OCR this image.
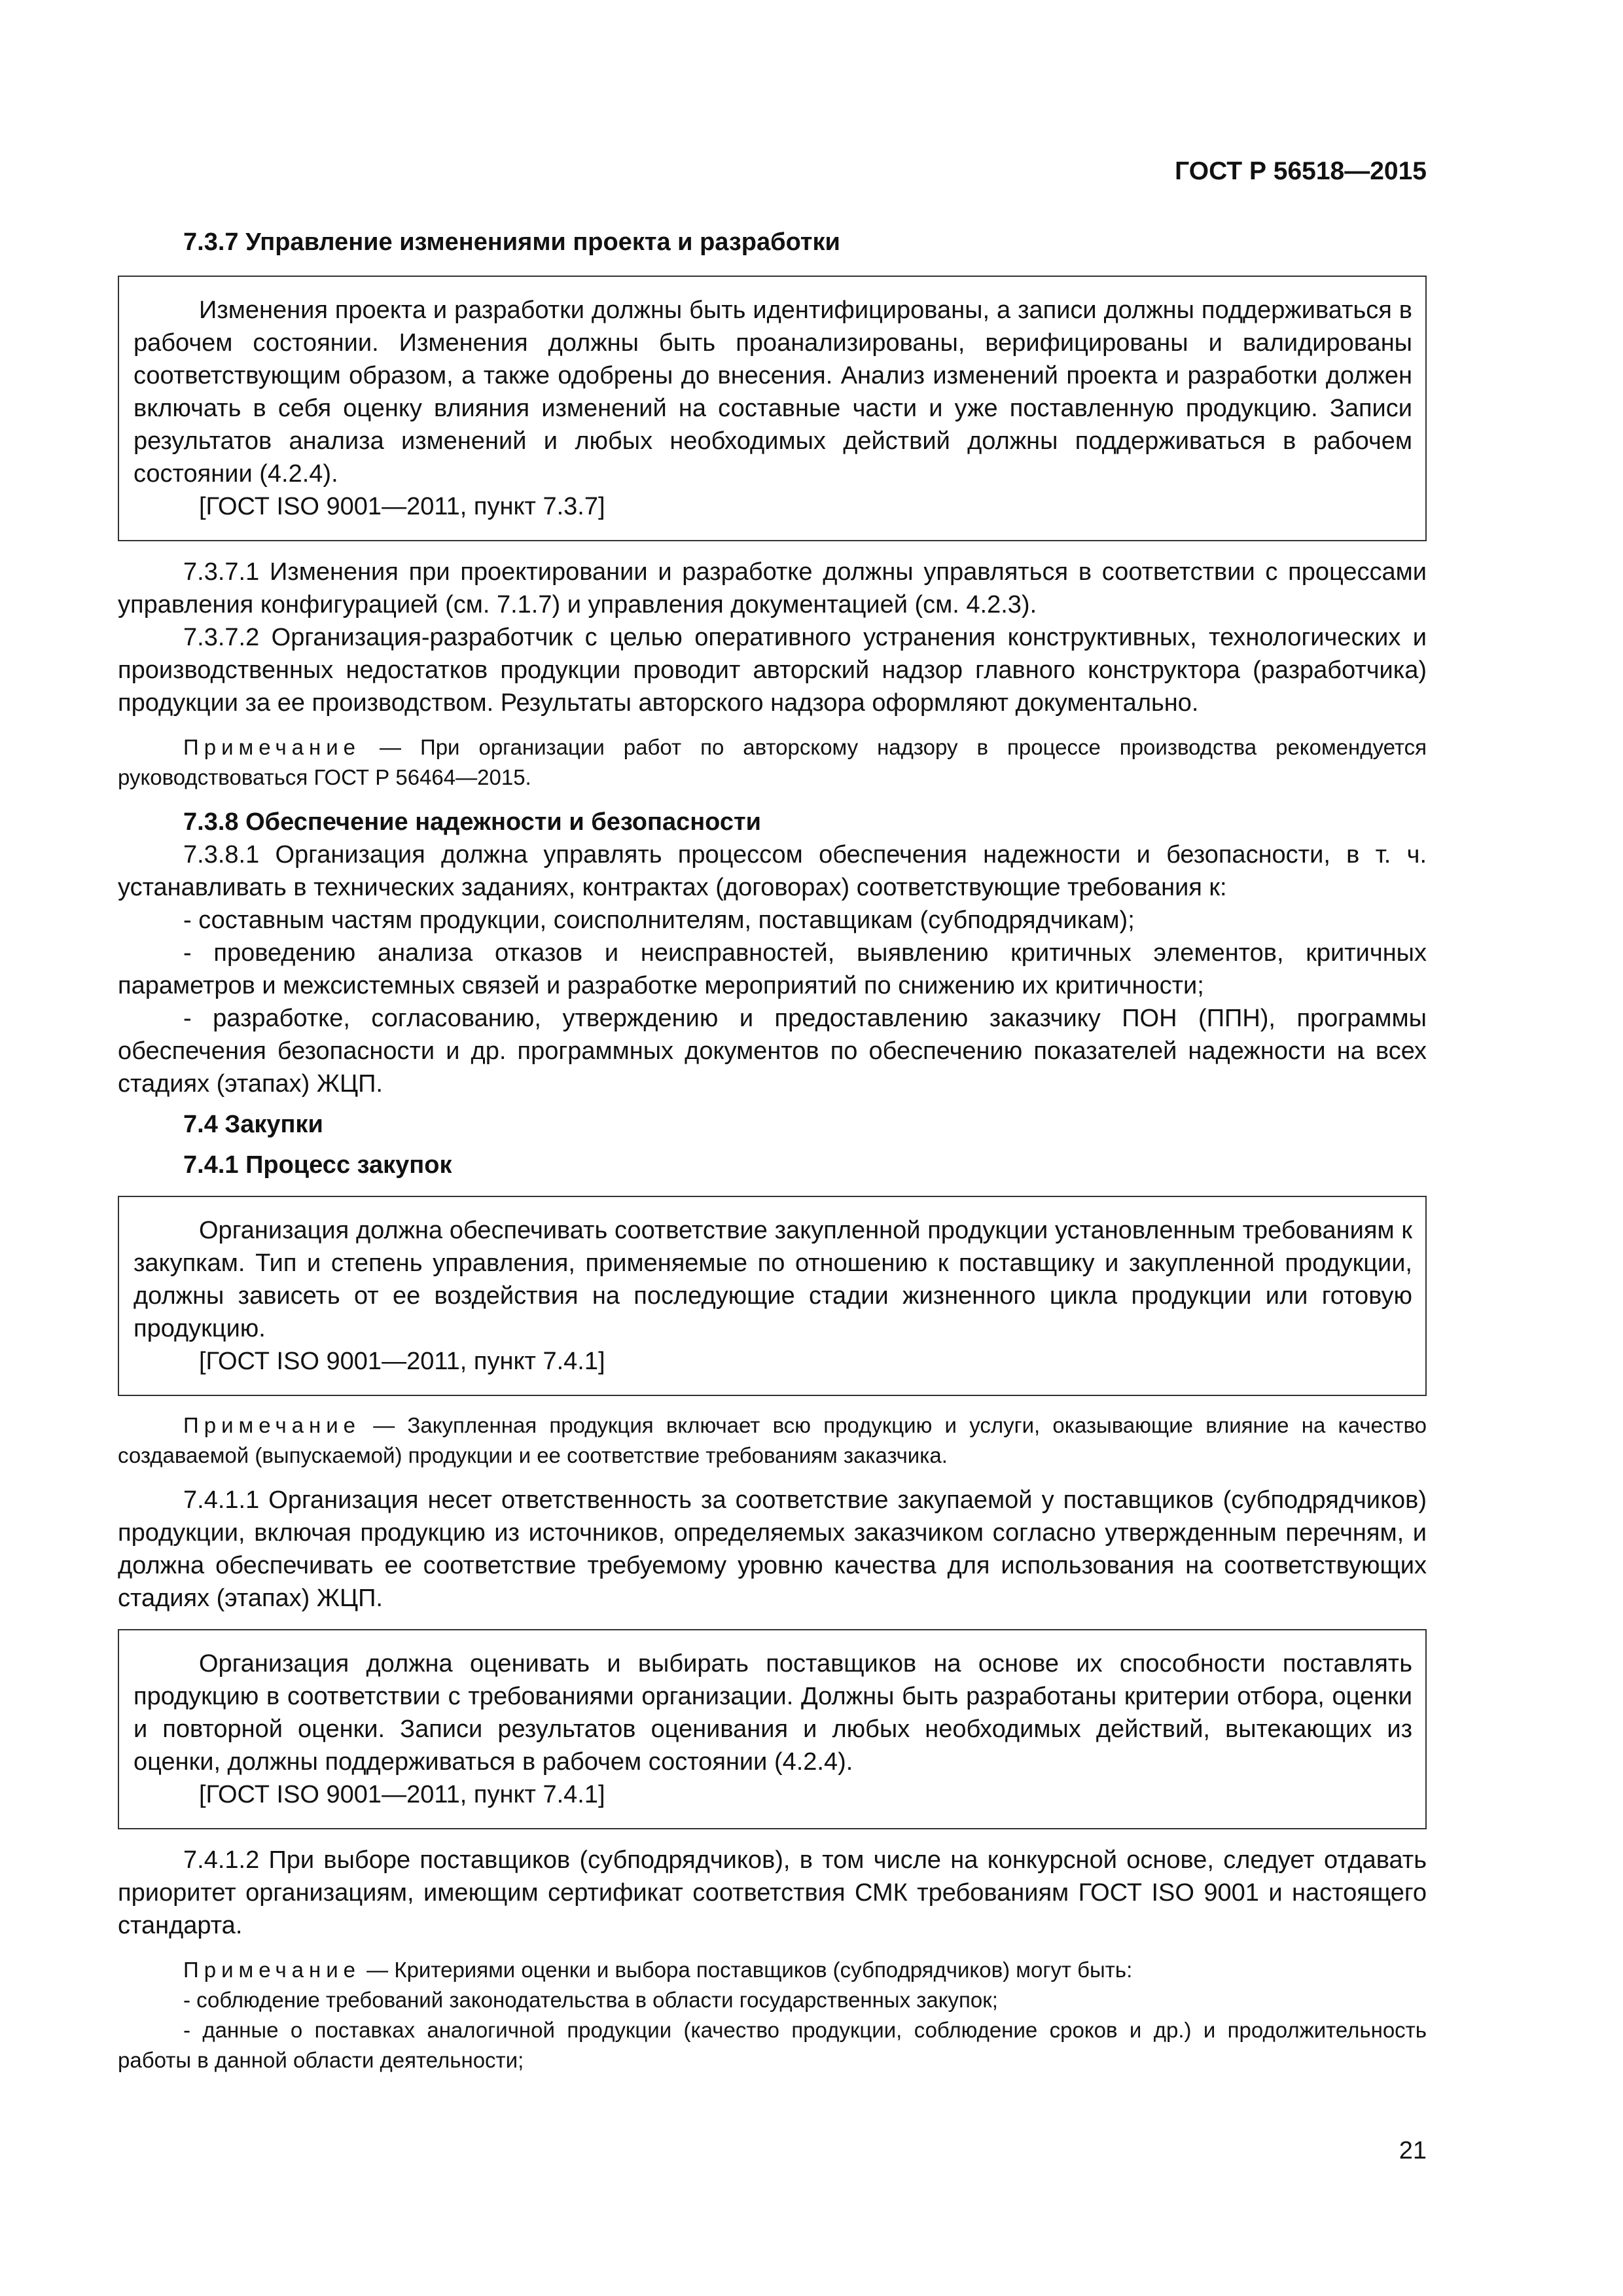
ГОСТ Р 56518—2015
7.3.7 Управление изменениями проекта и разработки

Изменения проекта и разработки должны быть идентифицированы, а записи должны поддерживаться в рабочем состоянии. Изменения должны быть проанализированы, верифицированы и валидированы соответствующим образом, а также одобрены до внесения. Анализ изменений проекта и разработки должен включать в себя оценку влияния изменений на составные части и уже поставленную продукцию. Записи результатов анализа изменений и любых необходимых действий должны поддерживаться в рабочем состоянии (4.2.4).

[ГОСТ ISO 9001—2011, пункт 7.3.7]

7.3.7.1 Изменения при проектировании и разработке должны управляться в соответствии с процессами управления конфигурацией (см. 7.1.7) и управления документацией (см. 4.2.3).

7.3.7.2 Организация-разработчик с целью оперативного устранения конструктивных, технологических и производственных недостатков продукции проводит авторский надзор главного конструктора (разработчика) продукции за ее производством. Результаты авторского надзора оформляют документально.

Примечание — При организации работ по авторскому надзору в процессе производства рекомендуется руководствоваться ГОСТ Р 56464—2015.

7.3.8 Обеспечение надежности и безопасности

7.3.8.1 Организация должна управлять процессом обеспечения надежности и безопасности, в т. ч. устанавливать в технических заданиях, контрактах (договорах) соответствующие требования к:

- составным частям продукции, соисполнителям, поставщикам (субподрядчикам);

- проведению анализа отказов и неисправностей, выявлению критичных элементов, критичных параметров и межсистемных связей и разработке мероприятий по снижению их критичности;

- разработке, согласованию, утверждению и предоставлению заказчику ПОН (ППН), программы обеспечения безопасности и др. программных документов по обеспечению показателей надежности на всех стадиях (этапах) ЖЦП.

7.4 Закупки
7.4.1 Процесс закупок

Организация должна обеспечивать соответствие закупленной продукции установленным требованиям к закупкам. Тип и степень управления, применяемые по отношению к поставщику и закупленной продукции, должны зависеть от ее воздействия на последующие стадии жизненного цикла продукции или готовую продукцию.

[ГОСТ ISO 9001—2011, пункт 7.4.1]

Примечание — Закупленная продукция включает всю продукцию и услуги, оказывающие влияние на качество создаваемой (выпускаемой) продукции и ее соответствие требованиям заказчика.

7.4.1.1 Организация несет ответственность за соответствие закупаемой у поставщиков (субподрядчиков) продукции, включая продукцию из источников, определяемых заказчиком согласно утвержденным перечням, и должна обеспечивать ее соответствие требуемому уровню качества для использования на соответствующих стадиях (этапах) ЖЦП.

Организация должна оценивать и выбирать поставщиков на основе их способности поставлять продукцию в соответствии с требованиями организации. Должны быть разработаны критерии отбора, оценки и повторной оценки. Записи результатов оценивания и любых необходимых действий, вытекающих из оценки, должны поддерживаться в рабочем состоянии (4.2.4).

[ГОСТ ISO 9001—2011, пункт 7.4.1]

7.4.1.2 При выборе поставщиков (субподрядчиков), в том числе на конкурсной основе, следует отдавать приоритет организациям, имеющим сертификат соответствия СМК требованиям ГОСТ ISO 9001 и настоящего стандарта.

Примечание — Критериями оценки и выбора поставщиков (субподрядчиков) могут быть:

- соблюдение требований законодательства в области государственных закупок;

- данные о поставках аналогичной продукции (качество продукции, соблюдение сроков и др.) и продолжительность работы в данной области деятельности;

21
